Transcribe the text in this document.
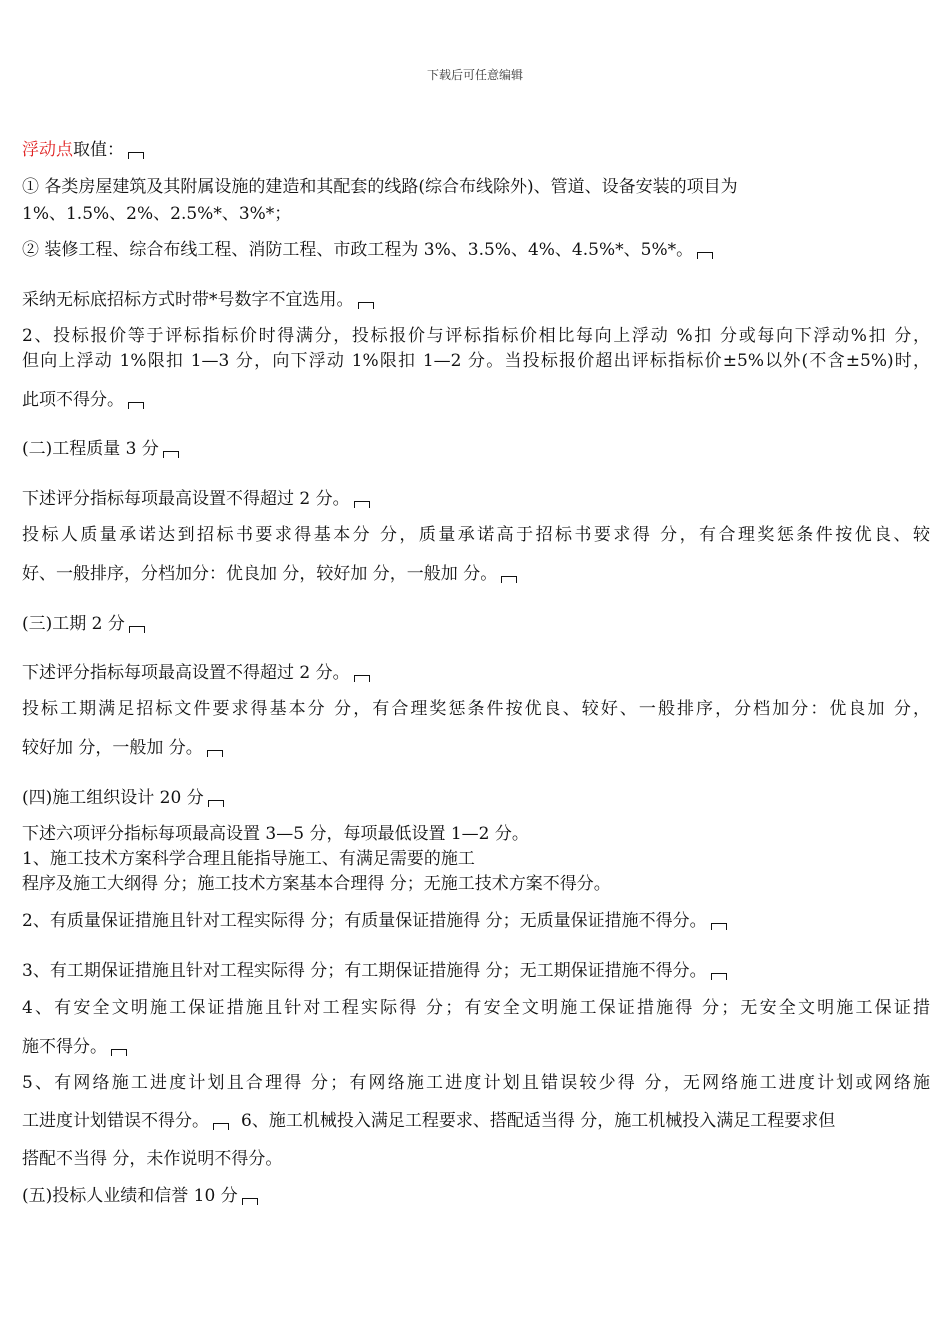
下载后可任意编辑
浮动点取值：
① 各类房屋建筑及其附属设施的建造和其配套的线路(综合布线除外)、管道、设备安装的项目为
1%、1.5%、2%、2.5%*、3%*；
② 装修工程、综合布线工程、消防工程、市政工程为 3%、3.5%、4%、4.5%*、5%*。
采纳无标底招标方式时带*号数字不宜选用。
2、投标报价等于评标指标价时得满分，投标报价与评标指标价相比每向上浮动 %扣 分或每向下浮动%扣 分，
但向上浮动 1%限扣 1—3 分，向下浮动 1%限扣 1—2 分。当投标报价超出评标指标价±5%以外(不含±5%)时，
此项不得分。
(二)工程质量 3 分
下述评分指标每项最高设置不得超过 2 分。
投标人质量承诺达到招标书要求得基本分 分，质量承诺高于招标书要求得 分，有合理奖惩条件按优良、较
好、一般排序，分档加分：优良加 分，较好加 分，一般加 分。
(三)工期 2 分
下述评分指标每项最高设置不得超过 2 分。
投标工期满足招标文件要求得基本分 分，有合理奖惩条件按优良、较好、一般排序，分档加分：优良加 分，
较好加 分，一般加 分。
(四)施工组织设计 20 分
下述六项评分指标每项最高设置 3—5 分，每项最低设置 1—2 分。
1、施工技术方案科学合理且能指导施工、有满足需要的施工
程序及施工大纲得 分；施工技术方案基本合理得 分；无施工技术方案不得分。
2、有质量保证措施且针对工程实际得 分；有质量保证措施得 分；无质量保证措施不得分。
3、有工期保证措施且针对工程实际得 分；有工期保证措施得 分；无工期保证措施不得分。
4、有安全文明施工保证措施且针对工程实际得 分；有安全文明施工保证措施得 分；无安全文明施工保证措
施不得分。
5、有网络施工进度计划且合理得 分；有网络施工进度计划且错误较少得 分，无网络施工进度计划或网络施
工进度计划错误不得分。 6、施工机械投入满足工程要求、搭配适当得 分，施工机械投入满足工程要求但
搭配不当得 分，未作说明不得分。
(五)投标人业绩和信誉 10 分
